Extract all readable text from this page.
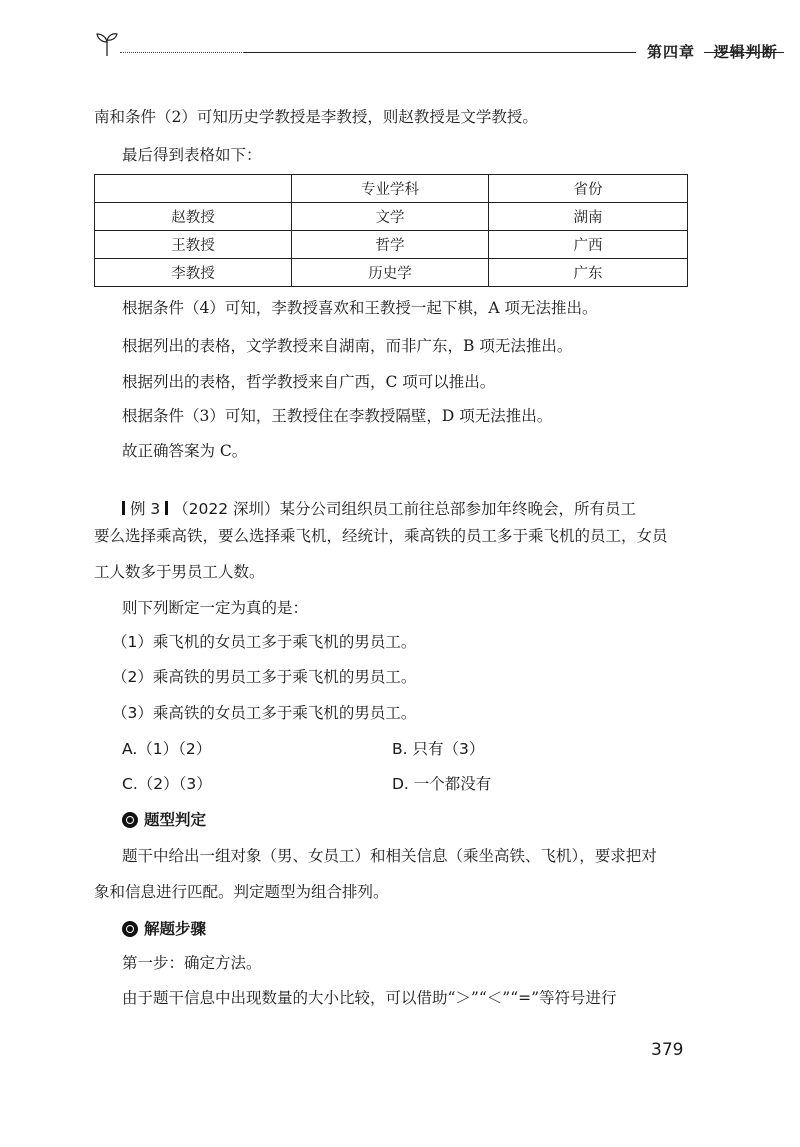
第四章 逻辑判断
南和条件（2）可知历史学教授是李教授，则赵教授是文学教授。
最后得到表格如下：
	专业学科	省份
赵教授	文学	湖南
王教授	哲学	广西
李教授	历史学	广东
根据条件（4）可知，李教授喜欢和王教授一起下棋，A 项无法推出。
根据列出的表格，文学教授来自湖南，而非广东，B 项无法推出。
根据列出的表格，哲学教授来自广西，C 项可以推出。
根据条件（3）可知，王教授住在李教授隔壁，D 项无法推出。
故正确答案为 C。
例 3 （2022 深圳）某分公司组织员工前往总部参加年终晚会，所有员工
要么选择乘高铁，要么选择乘飞机，经统计，乘高铁的员工多于乘飞机的员工，女员
工人数多于男员工人数。
则下列断定一定为真的是：
（1）乘飞机的女员工多于乘飞机的男员工。
（2）乘高铁的男员工多于乘飞机的男员工。
（3）乘高铁的女员工多于乘飞机的男员工。
A.（1）（2）	B. 只有（3）
C.（2）（3）	D. 一个都没有
题型判定
题干中给出一组对象（男、女员工）和相关信息（乘坐高铁、飞机），要求把对
象和信息进行匹配。判定题型为组合排列。
解题步骤
第一步：确定方法。
由于题干信息中出现数量的大小比较，可以借助“＞”“＜”“=”等符号进行
379
